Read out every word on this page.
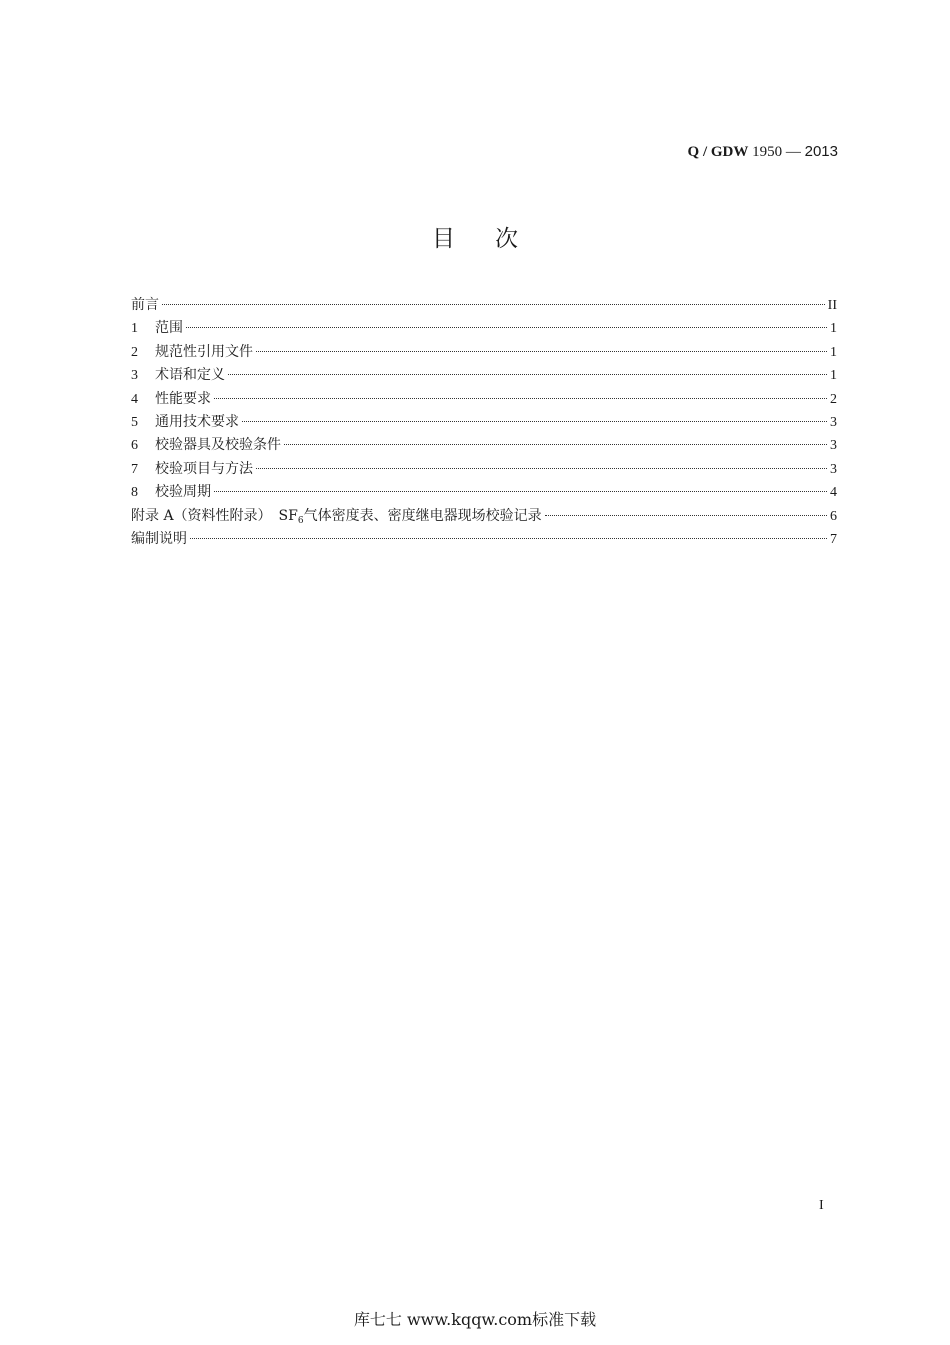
Q / GDW 1950 — 2013
目次
前言	II
1	范围	1
2	规范性引用文件	1
3	术语和定义	1
4	性能要求	2
5	通用技术要求	3
6	校验器具及校验条件	3
7	校验项目与方法	3
8	校验周期	4
附录 A（资料性附录）　$SF_6$气体密度表、密度继电器现场校验记录	6
编制说明	7
I
库七七 www.kqqw.com标准下载
